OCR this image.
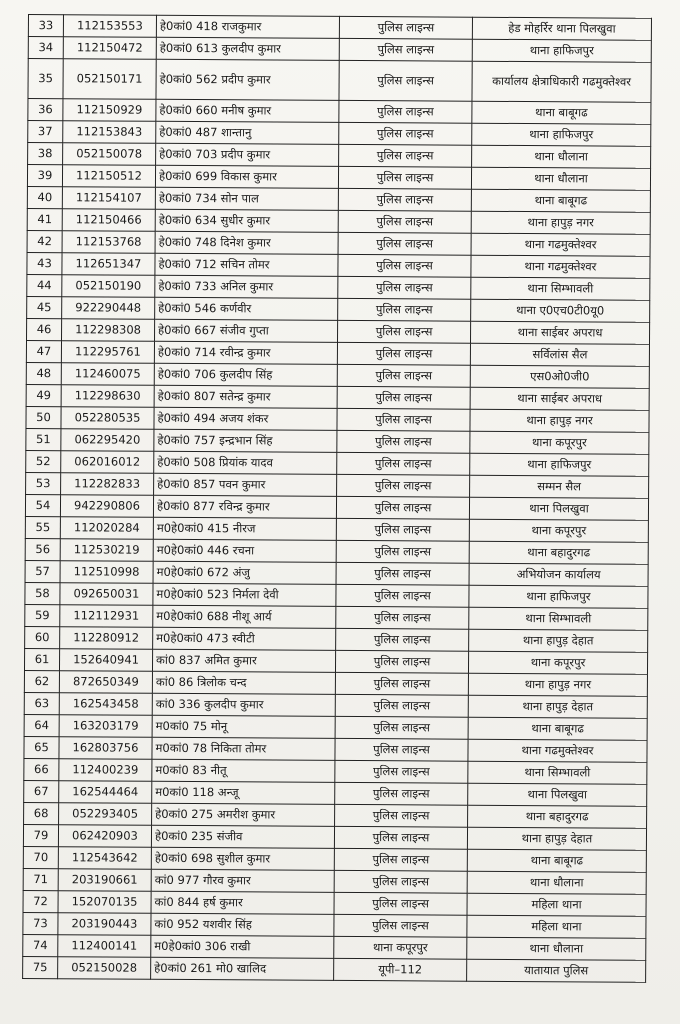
33	112153553	हे0कां0 418 राजकुमार	पुलिस लाइन्स	हेड मोहर्रिर थाना पिलखुवा
34	112150472	हे0कां0 613 कुलदीप कुमार	पुलिस लाइन्स	थाना हाफिजपुर
35	052150171	हे0कां0 562 प्रदीप कुमार	पुलिस लाइन्स	कार्यालय क्षेत्राधिकारी गढमुक्तेश्वर
36	112150929	हे0कां0 660 मनीष कुमार	पुलिस लाइन्स	थाना बाबूगढ
37	112153843	हे0कां0 487 शान्तानु	पुलिस लाइन्स	थाना हाफिजपुर
38	052150078	हे0कां0 703 प्रदीप कुमार	पुलिस लाइन्स	थाना धौलाना
39	112150512	हे0कां0 699 विकास कुमार	पुलिस लाइन्स	थाना धौलाना
40	112154107	हे0कां0 734 सोन पाल	पुलिस लाइन्स	थाना बाबूगढ
41	112150466	हे0कां0 634 सुधीर कुमार	पुलिस लाइन्स	थाना हापुड़ नगर
42	112153768	हे0कां0 748 दिनेश कुमार	पुलिस लाइन्स	थाना गढमुक्तेश्वर
43	112651347	हे0कां0 712 सचिन तोमर	पुलिस लाइन्स	थाना गढमुक्तेश्वर
44	052150190	हे0कां0 733 अनिल कुमार	पुलिस लाइन्स	थाना सिम्भावली
45	922290448	हे0कां0 546 कर्णवीर	पुलिस लाइन्स	थाना ए0एच0टी0यू0
46	112298308	हे0कां0 667 संजीव गुप्ता	पुलिस लाइन्स	थाना साईबर अपराध
47	112295761	हे0कां0 714 रवीन्द्र कुमार	पुलिस लाइन्स	सर्विलांस सैल
48	112460075	हे0कां0 706 कुलदीप सिंह	पुलिस लाइन्स	एस0ओ0जी0
49	112298630	हे0कां0 807 सतेन्द्र कुमार	पुलिस लाइन्स	थाना साईबर अपराध
50	052280535	हे0कां0 494 अजय शंकर	पुलिस लाइन्स	थाना हापुड़ नगर
51	062295420	हे0कां0 757 इन्द्रभान सिंह	पुलिस लाइन्स	थाना कपूरपुर
52	062016012	हे0कां0 508 प्रियांक यादव	पुलिस लाइन्स	थाना हाफिजपुर
53	112282833	हे0कां0 857 पवन कुमार	पुलिस लाइन्स	सम्मन सैल
54	942290806	हे0कां0 877 रविन्द्र कुमार	पुलिस लाइन्स	थाना पिलखुवा
55	112020284	म0हे0कां0 415 नीरज	पुलिस लाइन्स	थाना कपूरपुर
56	112530219	म0हे0कां0 446 रचना	पुलिस लाइन्स	थाना बहादुरगढ
57	112510998	म0हे0कां0 672 अंजु	पुलिस लाइन्स	अभियोजन कार्यालय
58	092650031	म0हे0कां0 523 निर्मला देवी	पुलिस लाइन्स	थाना हाफिजपुर
59	112112931	म0हे0कां0 688 नीशू आर्य	पुलिस लाइन्स	थाना सिम्भावली
60	112280912	म0हे0कां0 473 स्वीटी	पुलिस लाइन्स	थाना हापुड़ देहात
61	152640941	कां0 837 अमित कुमार	पुलिस लाइन्स	थाना कपूरपुर
62	872650349	कां0 86 त्रिलोक चन्द	पुलिस लाइन्स	थाना हापुड़ नगर
63	162543458	कां0 336 कुलदीप कुमार	पुलिस लाइन्स	थाना हापुड़ देहात
64	163203179	म0कां0 75 मोनू	पुलिस लाइन्स	थाना बाबूगढ
65	162803756	म0कां0 78 निकिता तोमर	पुलिस लाइन्स	थाना गढमुक्तेश्वर
66	112400239	म0कां0 83 नीतू	पुलिस लाइन्स	थाना सिम्भावली
67	162544464	म0कां0 118 अन्जू	पुलिस लाइन्स	थाना पिलखुवा
68	052293405	हे0कां0 275 अमरीश कुमार	पुलिस लाइन्स	थाना बहादुरगढ
79	062420903	हे0कां0 235 संजीव	पुलिस लाइन्स	थाना हापुड़ देहात
70	112543642	हे0कां0 698 सुशील कुमार	पुलिस लाइन्स	थाना बाबूगढ
71	203190661	कां0 977 गौरव कुमार	पुलिस लाइन्स	थाना धौलाना
72	152070135	कां0 844 हर्ष कुमार	पुलिस लाइन्स	महिला थाना
73	203190443	कां0 952 यशवीर सिंह	पुलिस लाइन्स	महिला थाना
74	112400141	म0हे0कां0 306 राखी	थाना कपूरपुर	थाना धौलाना
75	052150028	हे0कां0 261 मो0 खालिद	यूपी–112	यातायात पुलिस
